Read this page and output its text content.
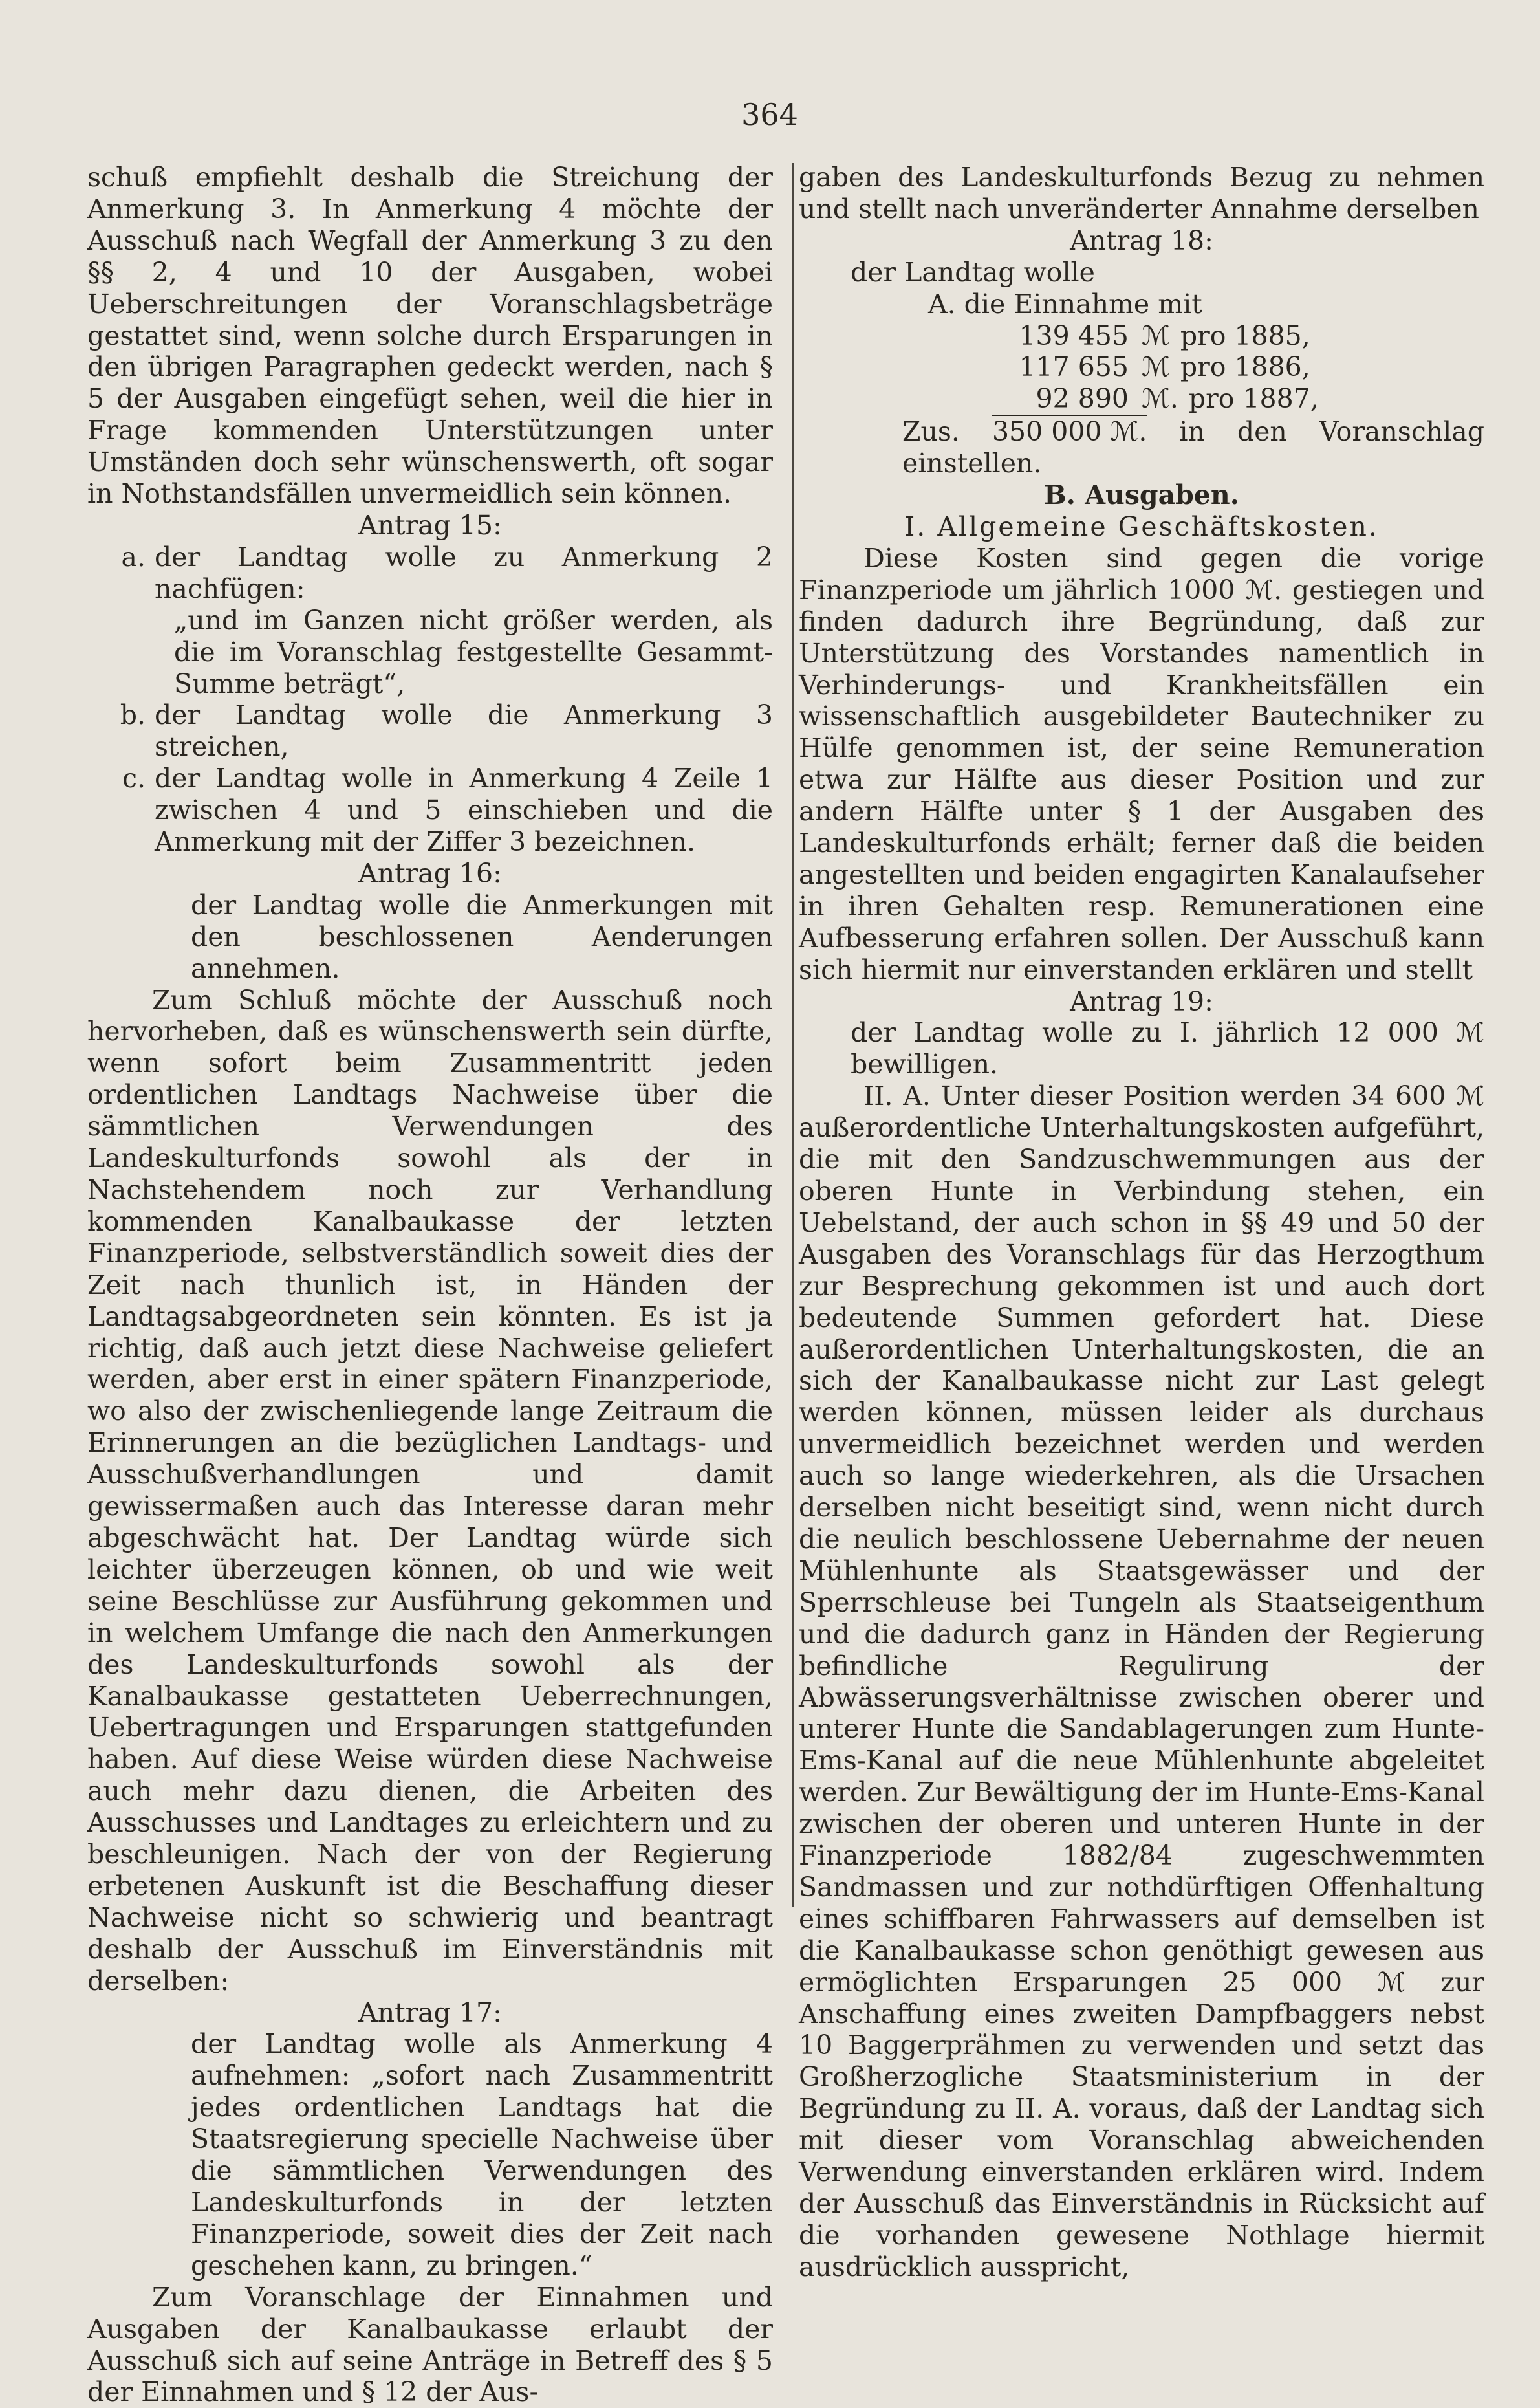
364

schuß empfiehlt deshalb die Streichung der Anmerkung 3. In Anmerkung 4 möchte der Ausschuß nach Wegfall der Anmerkung 3 zu den §§ 2, 4 und 10 der Ausgaben, wobei Ueberschreitungen der Voranschlagsbeträge gestattet sind, wenn solche durch Ersparungen in den übrigen Paragraphen gedeckt werden, nach § 5 der Ausgaben eingefügt sehen, weil die hier in Frage kommenden Unterstützungen unter Umständen doch sehr wünschenswerth, oft sogar in Nothstandsfällen unvermeidlich sein können.

Antrag 15:

a. der Landtag wolle zu Anmerkung 2 nachfügen:
„und im Ganzen nicht größer werden, als die im Voranschlag festgestellte Gesammt-Summe beträgt“,
b. der Landtag wolle die Anmerkung 3 streichen,
c. der Landtag wolle in Anmerkung 4 Zeile 1 zwischen 4 und 5 einschieben und die Anmerkung mit der Ziffer 3 bezeichnen.

Antrag 16:

der Landtag wolle die Anmerkungen mit den beschlossenen Aenderungen annehmen.

Zum Schluß möchte der Ausschuß noch hervorheben, daß es wünschenswerth sein dürfte, wenn sofort beim Zusammentritt jeden ordentlichen Landtags Nachweise über die sämmtlichen Verwendungen des Landeskulturfonds sowohl als der in Nachstehendem noch zur Verhandlung kommenden Kanalbaukasse der letzten Finanzperiode, selbstverständlich soweit dies der Zeit nach thunlich ist, in Händen der Landtagsabgeordneten sein könnten. Es ist ja richtig, daß auch jetzt diese Nachweise geliefert werden, aber erst in einer spätern Finanzperiode, wo also der zwischenliegende lange Zeitraum die Erinnerungen an die bezüglichen Landtags- und Ausschußverhandlungen und damit gewissermaßen auch das Interesse daran mehr abgeschwächt hat. Der Landtag würde sich leichter überzeugen können, ob und wie weit seine Beschlüsse zur Ausführung gekommen und in welchem Umfange die nach den Anmerkungen des Landeskulturfonds sowohl als der Kanalbaukasse gestatteten Ueberrechnungen, Uebertragungen und Ersparungen stattgefunden haben. Auf diese Weise würden diese Nachweise auch mehr dazu dienen, die Arbeiten des Ausschusses und Landtages zu erleichtern und zu beschleunigen. Nach der von der Regierung erbetenen Auskunft ist die Beschaffung dieser Nachweise nicht so schwierig und beantragt deshalb der Ausschuß im Einverständnis mit derselben:

Antrag 17:

der Landtag wolle als Anmerkung 4 aufnehmen: „sofort nach Zusammentritt jedes ordentlichen Landtags hat die Staatsregierung specielle Nachweise über die sämmtlichen Verwendungen des Landeskulturfonds in der letzten Finanzperiode, soweit dies der Zeit nach geschehen kann, zu bringen.“

Zum Voranschlage der Einnahmen und Ausgaben der Kanalbaukasse erlaubt der Ausschuß sich auf seine Anträge in Betreff des § 5 der Einnahmen und § 12 der Aus-

gaben des Landeskulturfonds Bezug zu nehmen und stellt nach unveränderter Annahme derselben

Antrag 18:

der Landtag wolle

A. die Einnahme mit

139 455 ℳ pro 1885,
117 655 ℳ pro 1886,
92 890 ℳ. pro 1887,

Zus. 350 000 ℳ. in den Voranschlag einstellen.

B. Ausgaben.

I. Allgemeine Geschäftskosten.

Diese Kosten sind gegen die vorige Finanzperiode um jährlich 1000 ℳ. gestiegen und finden dadurch ihre Begründung, daß zur Unterstützung des Vorstandes namentlich in Verhinderungs- und Krankheitsfällen ein wissenschaftlich ausgebildeter Bautechniker zu Hülfe genommen ist, der seine Remuneration etwa zur Hälfte aus dieser Position und zur andern Hälfte unter § 1 der Ausgaben des Landeskulturfonds erhält; ferner daß die beiden angestellten und beiden engagirten Kanalaufseher in ihren Gehalten resp. Remunerationen eine Aufbesserung erfahren sollen. Der Ausschuß kann sich hiermit nur einverstanden erklären und stellt

Antrag 19:

der Landtag wolle zu I. jährlich 12 000 ℳ bewilligen.

II. A. Unter dieser Position werden 34 600 ℳ außerordentliche Unterhaltungskosten aufgeführt, die mit den Sandzuschwemmungen aus der oberen Hunte in Verbindung stehen, ein Uebelstand, der auch schon in §§ 49 und 50 der Ausgaben des Voranschlags für das Herzogthum zur Besprechung gekommen ist und auch dort bedeutende Summen gefordert hat. Diese außerordentlichen Unterhaltungskosten, die an sich der Kanalbaukasse nicht zur Last gelegt werden können, müssen leider als durchaus unvermeidlich bezeichnet werden und werden auch so lange wiederkehren, als die Ursachen derselben nicht beseitigt sind, wenn nicht durch die neulich beschlossene Uebernahme der neuen Mühlenhunte als Staatsgewässer und der Sperrschleuse bei Tungeln als Staatseigenthum und die dadurch ganz in Händen der Regierung befindliche Regulirung der Abwässerungsverhältnisse zwischen oberer und unterer Hunte die Sandablagerungen zum Hunte-Ems-Kanal auf die neue Mühlenhunte abgeleitet werden. Zur Bewältigung der im Hunte-Ems-Kanal zwischen der oberen und unteren Hunte in der Finanzperiode 1882/84 zugeschwemmten Sandmassen und zur nothdürftigen Offenhaltung eines schiffbaren Fahrwassers auf demselben ist die Kanalbaukasse schon genöthigt gewesen aus ermöglichten Ersparungen 25 000 ℳ zur Anschaffung eines zweiten Dampfbaggers nebst 10 Baggerprähmen zu verwenden und setzt das Großherzogliche Staatsministerium in der Begründung zu II. A. voraus, daß der Landtag sich mit dieser vom Voranschlag abweichenden Verwendung einverstanden erklären wird. Indem der Ausschuß das Einverständnis in Rücksicht auf die vorhanden gewesene Nothlage hiermit ausdrücklich ausspricht,
